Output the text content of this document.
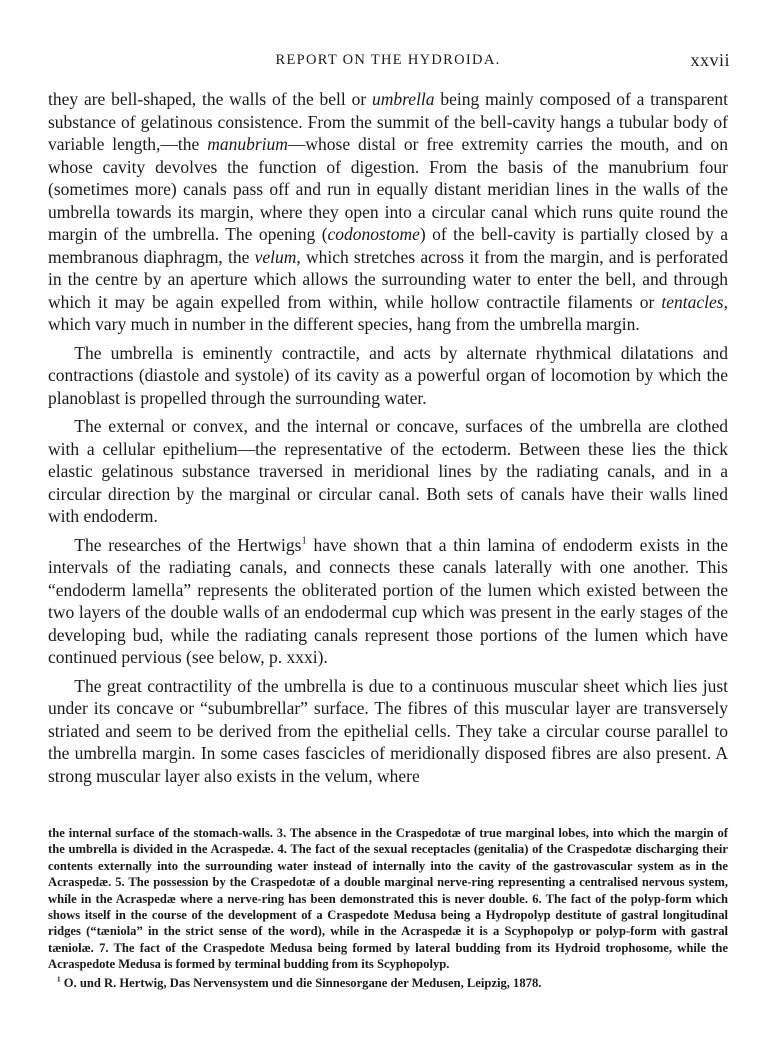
REPORT ON THE HYDROIDA.	xxvii

they are bell-shaped, the walls of the bell or umbrella being mainly composed of a transparent substance of gelatinous consistence. From the summit of the bell-cavity hangs a tubular body of variable length,—the manubrium—whose distal or free extremity carries the mouth, and on whose cavity devolves the function of digestion. From the basis of the manubrium four (sometimes more) canals pass off and run in equally distant meridian lines in the walls of the umbrella towards its margin, where they open into a circular canal which runs quite round the margin of the umbrella. The opening (codonostome) of the bell-cavity is partially closed by a membranous diaphragm, the velum, which stretches across it from the margin, and is perforated in the centre by an aperture which allows the surrounding water to enter the bell, and through which it may be again expelled from within, while hollow contractile filaments or tentacles, which vary much in number in the different species, hang from the umbrella margin.

The umbrella is eminently contractile, and acts by alternate rhythmical dilatations and contractions (diastole and systole) of its cavity as a powerful organ of locomotion by which the planoblast is propelled through the surrounding water.

The external or convex, and the internal or concave, surfaces of the umbrella are clothed with a cellular epithelium—the representative of the ectoderm. Between these lies the thick elastic gelatinous substance traversed in meridional lines by the radiating canals, and in a circular direction by the marginal or circular canal. Both sets of canals have their walls lined with endoderm.

The researches of the Hertwigs$^1$ have shown that a thin lamina of endoderm exists in the intervals of the radiating canals, and connects these canals laterally with one another. This “endoderm lamella” represents the obliterated portion of the lumen which existed between the two layers of the double walls of an endodermal cup which was present in the early stages of the developing bud, while the radiating canals represent those portions of the lumen which have continued pervious (see below, p. xxxi).

The great contractility of the umbrella is due to a continuous muscular sheet which lies just under its concave or “subumbrellar” surface. The fibres of this muscular layer are transversely striated and seem to be derived from the epithelial cells. They take a circular course parallel to the umbrella margin. In some cases fascicles of meridionally disposed fibres are also present. A strong muscular layer also exists in the velum, where

the internal surface of the stomach-walls. 3. The absence in the Craspedotæ of true marginal lobes, into which the margin of the umbrella is divided in the Acraspedæ. 4. The fact of the sexual receptacles (genitalia) of the Craspedotæ discharging their contents externally into the surrounding water instead of internally into the cavity of the gastrovascular system as in the Acraspedæ. 5. The possession by the Craspedotæ of a double marginal nerve-ring representing a centralised nervous system, while in the Acraspedæ where a nerve-ring has been demonstrated this is never double. 6. The fact of the polyp-form which shows itself in the course of the development of a Craspedote Medusa being a Hydropolyp destitute of gastral longitudinal ridges (“tæniola” in the strict sense of the word), while in the Acraspedæ it is a Scyphopolyp or polyp-form with gastral tæniolæ. 7. The fact of the Craspedote Medusa being formed by lateral budding from its Hydroid trophosome, while the Acraspedote Medusa is formed by terminal budding from its Scyphopolyp.

$^1$ O. und R. Hertwig, Das Nervensystem und die Sinnesorgane der Medusen, Leipzig, 1878.
